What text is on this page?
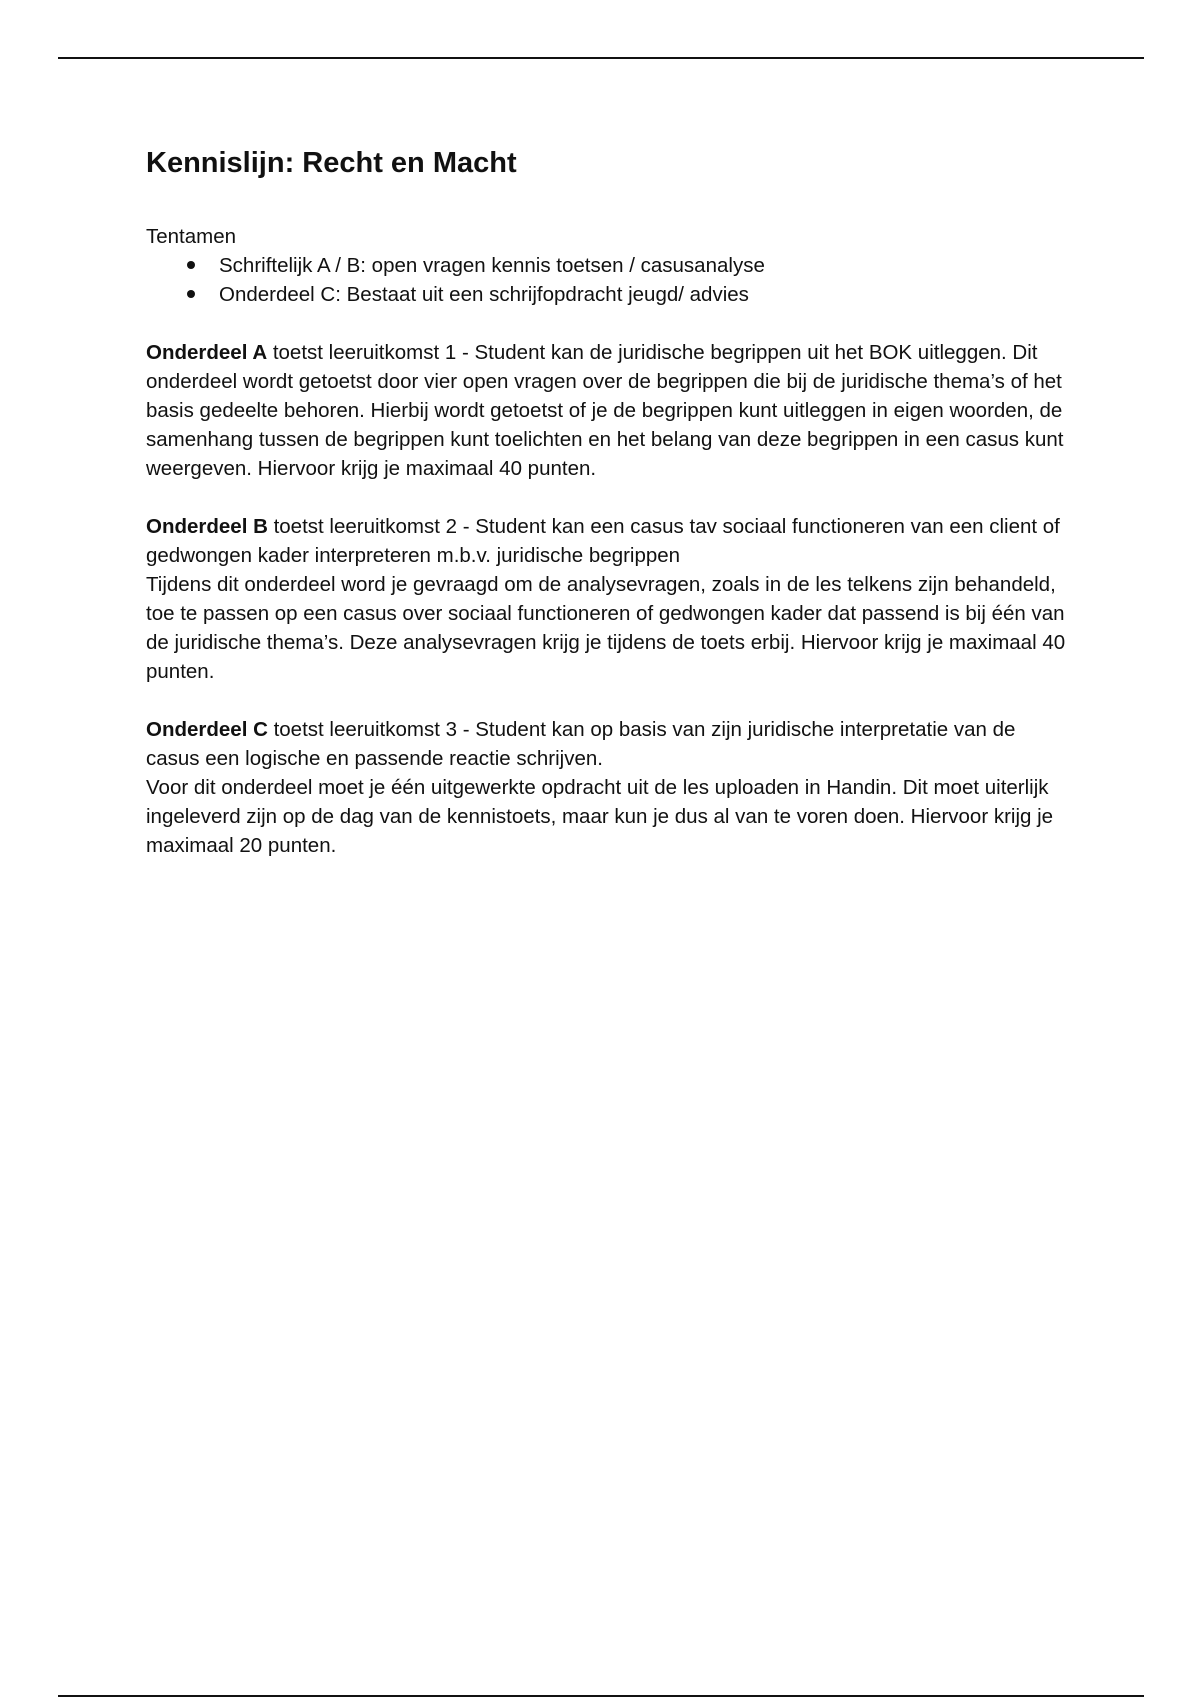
Kennislijn: Recht en Macht
Tentamen
Schriftelijk A / B: open vragen kennis toetsen / casusanalyse
Onderdeel C: Bestaat uit een schrijfopdracht jeugd/ advies

Onderdeel A toetst leeruitkomst 1 - Student kan de juridische begrippen uit het BOK uitleggen. Dit onderdeel wordt getoetst door vier open vragen over de begrippen die bij de juridische thema’s of het basis gedeelte behoren. Hierbij wordt getoetst of je de begrippen kunt uitleggen in eigen woorden, de samenhang tussen de begrippen kunt toelichten en het belang van deze begrippen in een casus kunt weergeven. Hiervoor krijg je maximaal 40 punten.

Onderdeel B toetst leeruitkomst 2 - Student kan een casus tav sociaal functioneren van een client of gedwongen kader interpreteren m.b.v. juridische begrippen

Tijdens dit onderdeel word je gevraagd om de analysevragen, zoals in de les telkens zijn behandeld, toe te passen op een casus over sociaal functioneren of gedwongen kader dat passend is bij één van de juridische thema’s. Deze analysevragen krijg je tijdens de toets erbij. Hiervoor krijg je maximaal 40 punten.

Onderdeel C toetst leeruitkomst 3 - Student kan op basis van zijn juridische interpretatie van de casus een logische en passende reactie schrijven.

Voor dit onderdeel moet je één uitgewerkte opdracht uit de les uploaden in Handin. Dit moet uiterlijk ingeleverd zijn op de dag van de kennistoets, maar kun je dus al van te voren doen. Hiervoor krijg je maximaal 20 punten.
